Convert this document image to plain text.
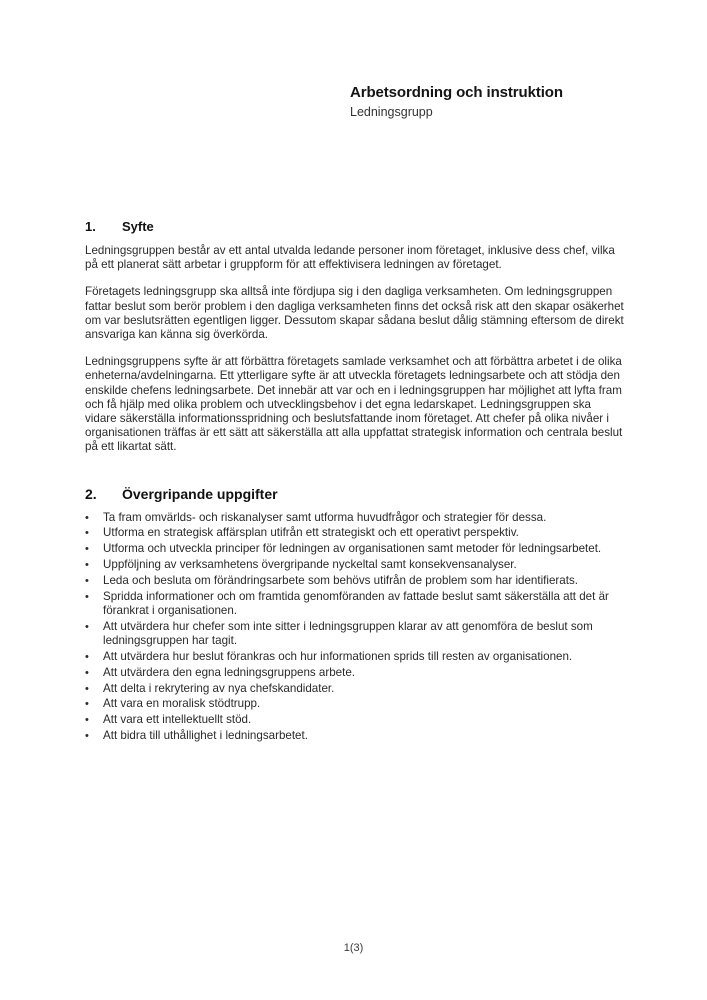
Arbetsordning och instruktion
Ledningsgrupp
1.	Syfte

Ledningsgruppen består av ett antal utvalda ledande personer inom företaget, inklusive dess chef, vilka på ett planerat sätt arbetar i gruppform för att effektivisera ledningen av företaget.

Företagets ledningsgrupp ska alltså inte fördjupa sig i den dagliga verksamheten. Om ledningsgruppen fattar beslut som berör problem i den dagliga verksamheten finns det också risk att den skapar osäkerhet om var beslutsrätten egentligen ligger. Dessutom skapar sådana beslut dålig stämning eftersom de direkt ansvariga kan känna sig överkörda.

Ledningsgruppens syfte är att förbättra företagets samlade verksamhet och att förbättra arbetet i de olika enheterna/avdelningarna. Ett ytterligare syfte är att utveckla företagets ledningsarbete och att stödja den enskilde chefens ledningsarbete. Det innebär att var och en i ledningsgruppen har möjlighet att lyfta fram och få hjälp med olika problem och utvecklingsbehov i det egna ledarskapet. Ledningsgruppen ska vidare säkerställa informationsspridning och beslutsfattande inom företaget. Att chefer på olika nivåer i organisationen träffas är ett sätt att säkerställa att alla uppfattat strategisk information och centrala beslut på ett likartat sätt.

2.	Övergripande uppgifter
• Ta fram omvärlds- och riskanalyser samt utforma huvudfrågor och strategier för dessa.
• Utforma en strategisk affärsplan utifrån ett strategiskt och ett operativt perspektiv.
• Utforma och utveckla principer för ledningen av organisationen samt metoder för ledningsarbetet.
• Uppföljning av verksamhetens övergripande nyckeltal samt konsekvensanalyser.
• Leda och besluta om förändringsarbete som behövs utifrån de problem som har identifierats.
• Spridda informationer och om framtida genomföranden av fattade beslut samt säkerställa att det är förankrat i organisationen.
• Att utvärdera hur chefer som inte sitter i ledningsgruppen klarar av att genomföra de beslut som ledningsgruppen har tagit.
• Att utvärdera hur beslut förankras och hur informationen sprids till resten av organisationen.
• Att utvärdera den egna ledningsgruppens arbete.
• Att delta i rekrytering av nya chefskandidater.
• Att vara en moralisk stödtrupp.
• Att vara ett intellektuellt stöd.
• Att bidra till uthållighet i ledningsarbetet.
1(3)
